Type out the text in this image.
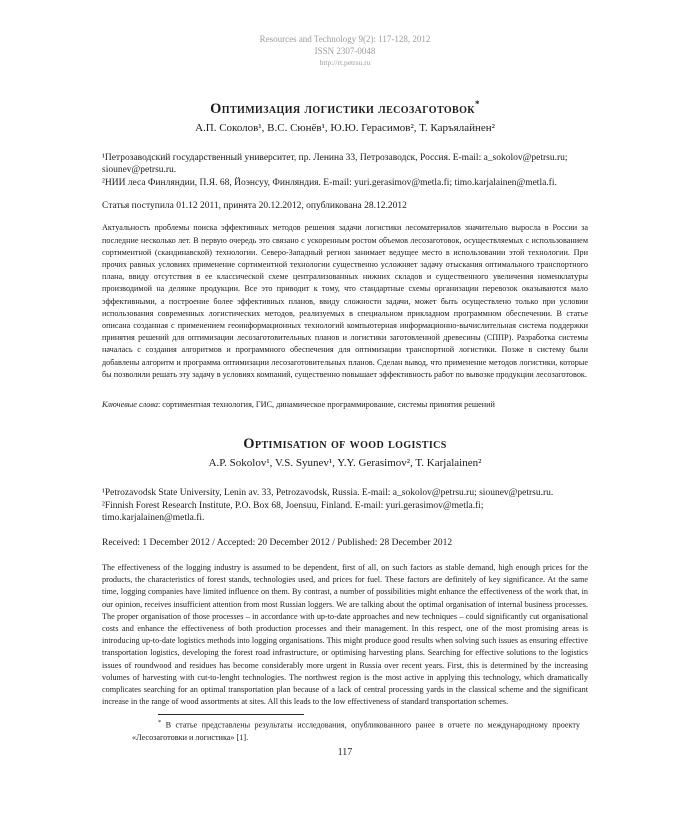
Resources and Technology 9(2): 117-128, 2012
ISSN 2307-0048
http://rt.petrsu.ru
Оптимизация логистики лесозаготовок*
А.П. Соколов¹, В.С. Сюнёв¹, Ю.Ю. Герасимов², Т. Каръялайнен²
¹Петрозаводский государственный университет, пр. Ленина 33, Петрозаводск, Россия. E-mail: a_sokolov@petrsu.ru; siounev@petrsu.ru.
²НИИ леса Финляндии, П.Я. 68, Йоэнсуу, Финляндия. E-mail: yuri.gerasimov@metla.fi; timo.karjalainen@metla.fi.
Статья поступила 01.12 2011, принята 20.12.2012, опубликована 28.12.2012
Актуальность проблемы поиска эффективных методов решения задачи логистики лесоматериалов значительно выросла в России за последние несколько лет. В первую очередь это связано с ускоренным ростом объемов лесозаготовок, осуществляемых с использованием сортиментной (скандинавской) технологии. Северо-Западный регион занимает ведущее место в использовании этой технологии. При прочих равных условиях применение сортиментной технологии существенно усложняет задачу отыскания оптимального транспортного плана, ввиду отсутствия в ее классической схеме централизованных нижних складов и существенного увеличения номенклатуры производимой на делянке продукции. Все это приводит к тому, что стандартные схемы организации перевозок оказываются мало эффективными, а построение более эффективных планов, ввиду сложности задачи, может быть осуществлено только при условии использования современных логистических методов, реализуемых в специальном прикладном программном обеспечении. В статье описана созданная с применением геоинформационных технологий компьютерная информационно-вычислительная система поддержки принятия решений для оптимизации лесозаготовительных планов и логистики заготовленной древесины (СППР). Разработка системы началась с создания алгоритмов и программного обеспечения для оптимизации транспортной логистики. Позже в систему были добавлены алгоритм и программа оптимизации лесозаготовительных планов. Сделан вывод, что применение методов логистики, которые бы позволили решать эту задачу в условиях компаний, существенно повышает эффективность работ по вывозке продукции лесозаготовок.
Ключевые слова: сортиментная технология, ГИС, динамическое программирование, системы принятия решений
Optimisation of wood logistics
A.P. Sokolov¹, V.S. Syunev¹, Y.Y. Gerasimov², T. Karjalainen²
¹Petrozavodsk State University, Lenin av. 33, Petrozavodsk, Russia. E-mail: a_sokolov@petrsu.ru; siounev@petrsu.ru.
²Finnish Forest Research Institute, P.O. Box 68, Joensuu, Finland. E-mail: yuri.gerasimov@metla.fi; timo.karjalainen@metla.fi.
Received: 1 December 2012 / Accepted: 20 December 2012 / Published: 28 December 2012
The effectiveness of the logging industry is assumed to be dependent, first of all, on such factors as stable demand, high enough prices for the products, the characteristics of forest stands, technologies used, and prices for fuel. These factors are definitely of key significance. At the same time, logging companies have limited influence on them. By contrast, a number of possibilities might enhance the effectiveness of the work that, in our opinion, receives insufficient attention from most Russian loggers. We are talking about the optimal organisation of internal business processes. The proper organisation of those processes – in accordance with up-to-date approaches and new techniques – could significantly cut organisational costs and enhance the effectiveness of both production processes and their management. In this respect, one of the most promising areas is introducing up-to-date logistics methods into logging organisations. This might produce good results when solving such issues as ensuring effective transportation logistics, developing the forest road infrastructure, or optimising harvesting plans. Searching for effective solutions to the logistics issues of roundwood and residues has become considerably more urgent in Russia over recent years. First, this is determined by the increasing volumes of harvesting with cut-to-lenght technologies. The northwest region is the most active in applying this technology, which dramatically complicates searching for an optimal transportation plan because of a lack of central processing yards in the classical scheme and the significant increase in the range of wood assortments at sites. All this leads to the low effectiveness of standard transportation schemes.
* В статье представлены результаты исследования, опубликованного ранее в отчете по международному проекту «Лесозаготовки и логистика» [1].
117
